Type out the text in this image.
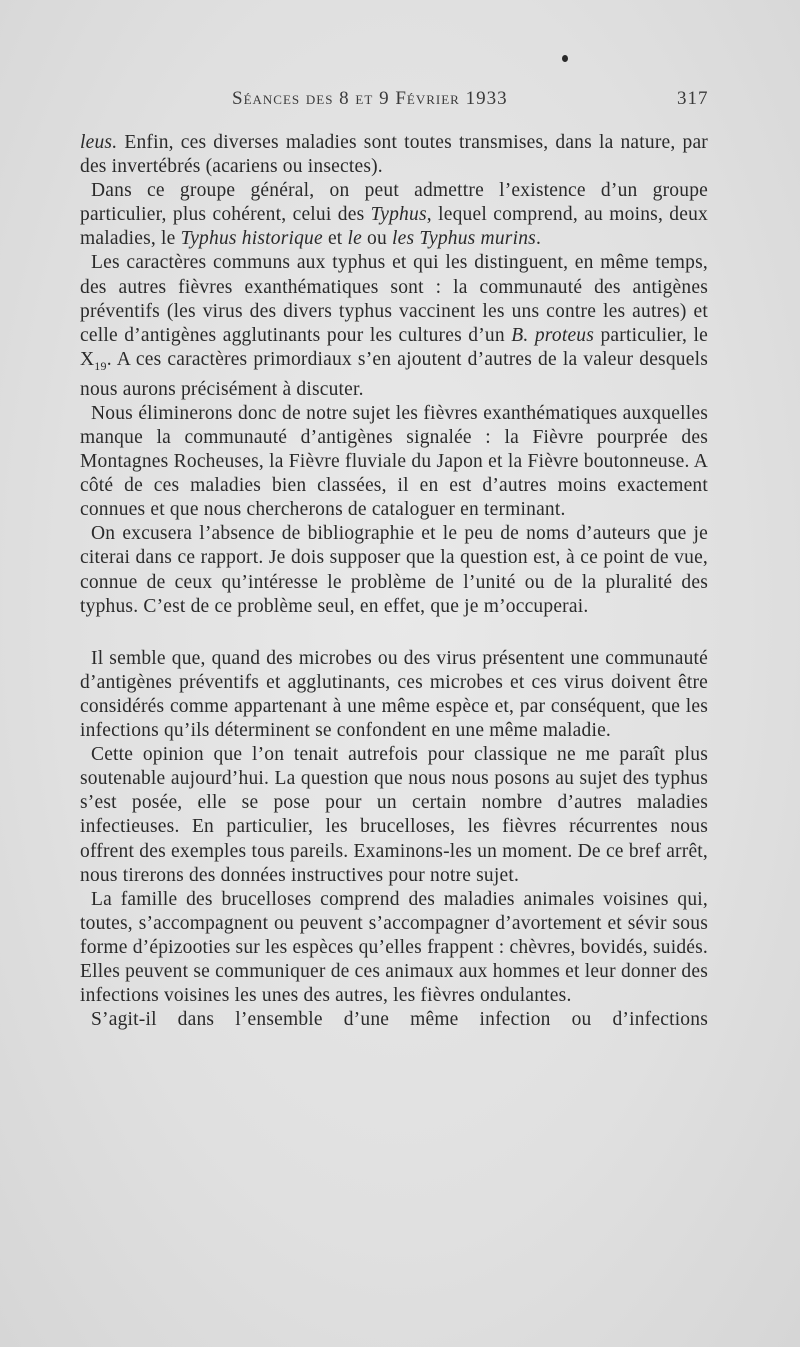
Séances des 8 et 9 Février 1933	317

leus. Enfin, ces diverses maladies sont toutes transmises, dans la nature, par des invertébrés (acariens ou insectes).

Dans ce groupe général, on peut admettre l’existence d’un groupe particulier, plus cohérent, celui des Typhus, lequel comprend, au moins, deux maladies, le Typhus historique et le ou les Typhus murins.

Les caractères communs aux typhus et qui les distinguent, en même temps, des autres fièvres exanthématiques sont : la communauté des antigènes préventifs (les virus des divers typhus vaccinent les uns contre les autres) et celle d’antigènes agglutinants pour les cultures d’un B. proteus particulier, le $X_{19}$. A ces caractères primordiaux s’en ajoutent d’autres de la valeur desquels nous aurons précisément à discuter.

Nous éliminerons donc de notre sujet les fièvres exanthématiques auxquelles manque la communauté d’antigènes signalée : la Fièvre pourprée des Montagnes Rocheuses, la Fièvre fluviale du Japon et la Fièvre boutonneuse. A côté de ces maladies bien classées, il en est d’autres moins exactement connues et que nous chercherons de cataloguer en terminant.

On excusera l’absence de bibliographie et le peu de noms d’auteurs que je citerai dans ce rapport. Je dois supposer que la question est, à ce point de vue, connue de ceux qu’intéresse le problème de l’unité ou de la pluralité des typhus. C’est de ce problème seul, en effet, que je m’occuperai.

Il semble que, quand des microbes ou des virus présentent une communauté d’antigènes préventifs et agglutinants, ces microbes et ces virus doivent être considérés comme appartenant à une même espèce et, par conséquent, que les infections qu’ils déterminent se confondent en une même maladie.

Cette opinion que l’on tenait autrefois pour classique ne me paraît plus soutenable aujourd’hui. La question que nous nous posons au sujet des typhus s’est posée, elle se pose pour un certain nombre d’autres maladies infectieuses. En particulier, les brucelloses, les fièvres récurrentes nous offrent des exemples tous pareils. Examinons-les un moment. De ce bref arrêt, nous tirerons des données instructives pour notre sujet.

La famille des brucelloses comprend des maladies animales voisines qui, toutes, s’accompagnent ou peuvent s’accompagner d’avortement et sévir sous forme d’épizooties sur les espèces qu’elles frappent : chèvres, bovidés, suidés. Elles peuvent se communiquer de ces animaux aux hommes et leur donner des infections voisines les unes des autres, les fièvres ondulantes.

S’agit-il dans l’ensemble d’une même infection ou d’infections
